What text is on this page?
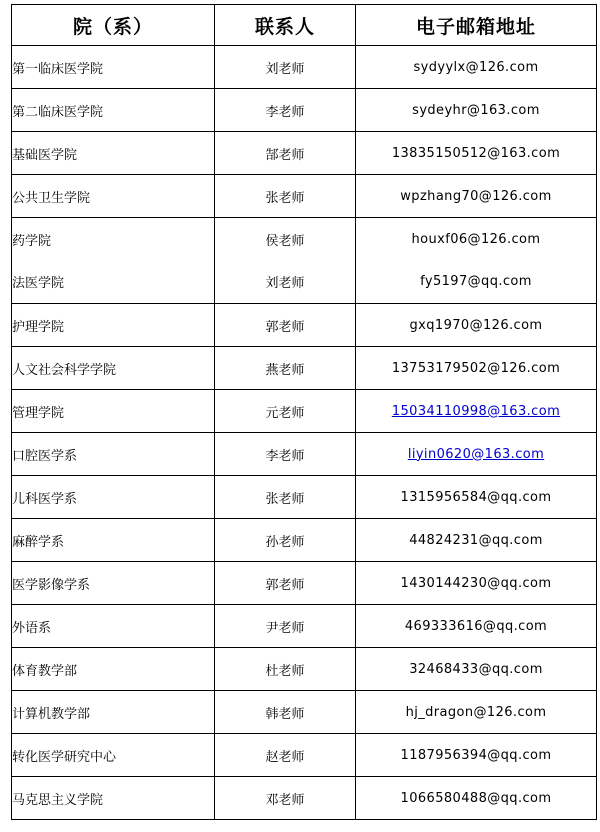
院（系）	联系人	电子邮箱地址
第一临床医学院	刘老师	sydyylx@126.com
第二临床医学院	李老师	sydeyhr@163.com
基础医学院	郜老师	13835150512@163.com
公共卫生学院	张老师	wpzhang70@126.com
药学院	侯老师	houxf06@126.com
法医学院	刘老师	fy5197@qq.com
护理学院	郭老师	gxq1970@126.com
人文社会科学学院	燕老师	13753179502@126.com
管理学院	元老师	15034110998@163.com
口腔医学系	李老师	liyin0620@163.com
儿科医学系	张老师	1315956584@qq.com
麻醉学系	孙老师	44824231@qq.com
医学影像学系	郭老师	1430144230@qq.com
外语系	尹老师	469333616@qq.com
体育教学部	杜老师	32468433@qq.com
计算机教学部	韩老师	hj_dragon@126.com
转化医学研究中心	赵老师	1187956394@qq.com
马克思主义学院	邓老师	1066580488@qq.com
